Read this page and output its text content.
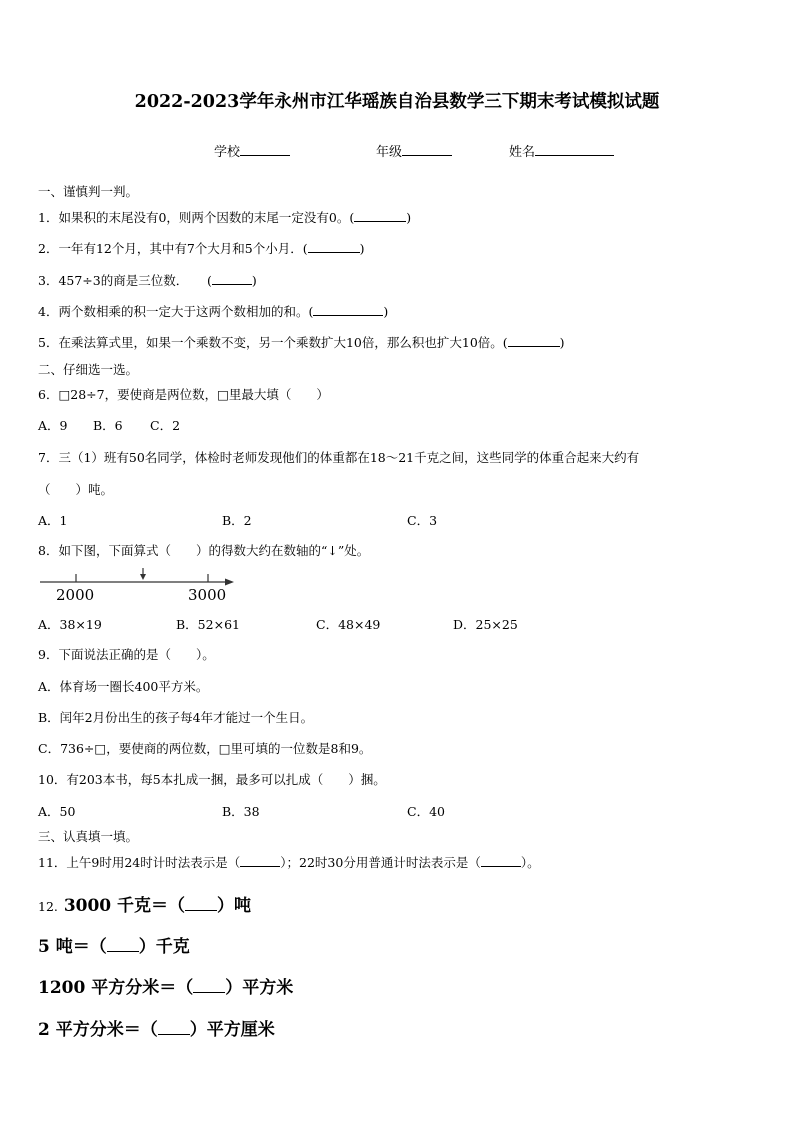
2022-2023学年永州市江华瑶族自治县数学三下期末考试模拟试题
学校	年级	姓名
一、谨慎判一判。
1．如果积的末尾没有0，则两个因数的末尾一定没有0。(	)
2．一年有12个月，其中有7个大月和5个小月．(	)
3．457÷3的商是三位数．　　(	)
4．两个数相乘的积一定大于这两个数相加的和。(	)
5．在乘法算式里，如果一个乘数不变，另一个乘数扩大10倍，那么积也扩大10倍。(	)
二、仔细选一选。
6．□28÷7，要使商是两位数，□里最大填（　　）
A．9 B．6 C．2
7．三（1）班有50名同学，体检时老师发现他们的体重都在18～21千克之间，这些同学的体重合起来大约有
（　　）吨。
A．1	B．2	C．3
8．如下图，下面算式（　　）的得数大约在数轴的“↓”处。
2000	3000
A．38×19	B．52×61	C．48×49	D．25×25
9．下面说法正确的是（　　）。
A．体育场一圈长400平方米。
B．闰年2月份出生的孩子每4年才能过一个生日。
C．736÷□，要使商的两位数，□里可填的一位数是8和9。
10．有203本书，每5本扎成一捆，最多可以扎成（　　）捆。
A．50	B．38	C．40
三、认真填一填。
11．上午9时用24时计时法表示是（	）；22时30分用普通计时法表示是（	）。
12. 3000 千克＝（ ）吨
5 吨＝（ ）千克
1200 平方分米＝（ ）平方米
2 平方分米＝（ ）平方厘米
